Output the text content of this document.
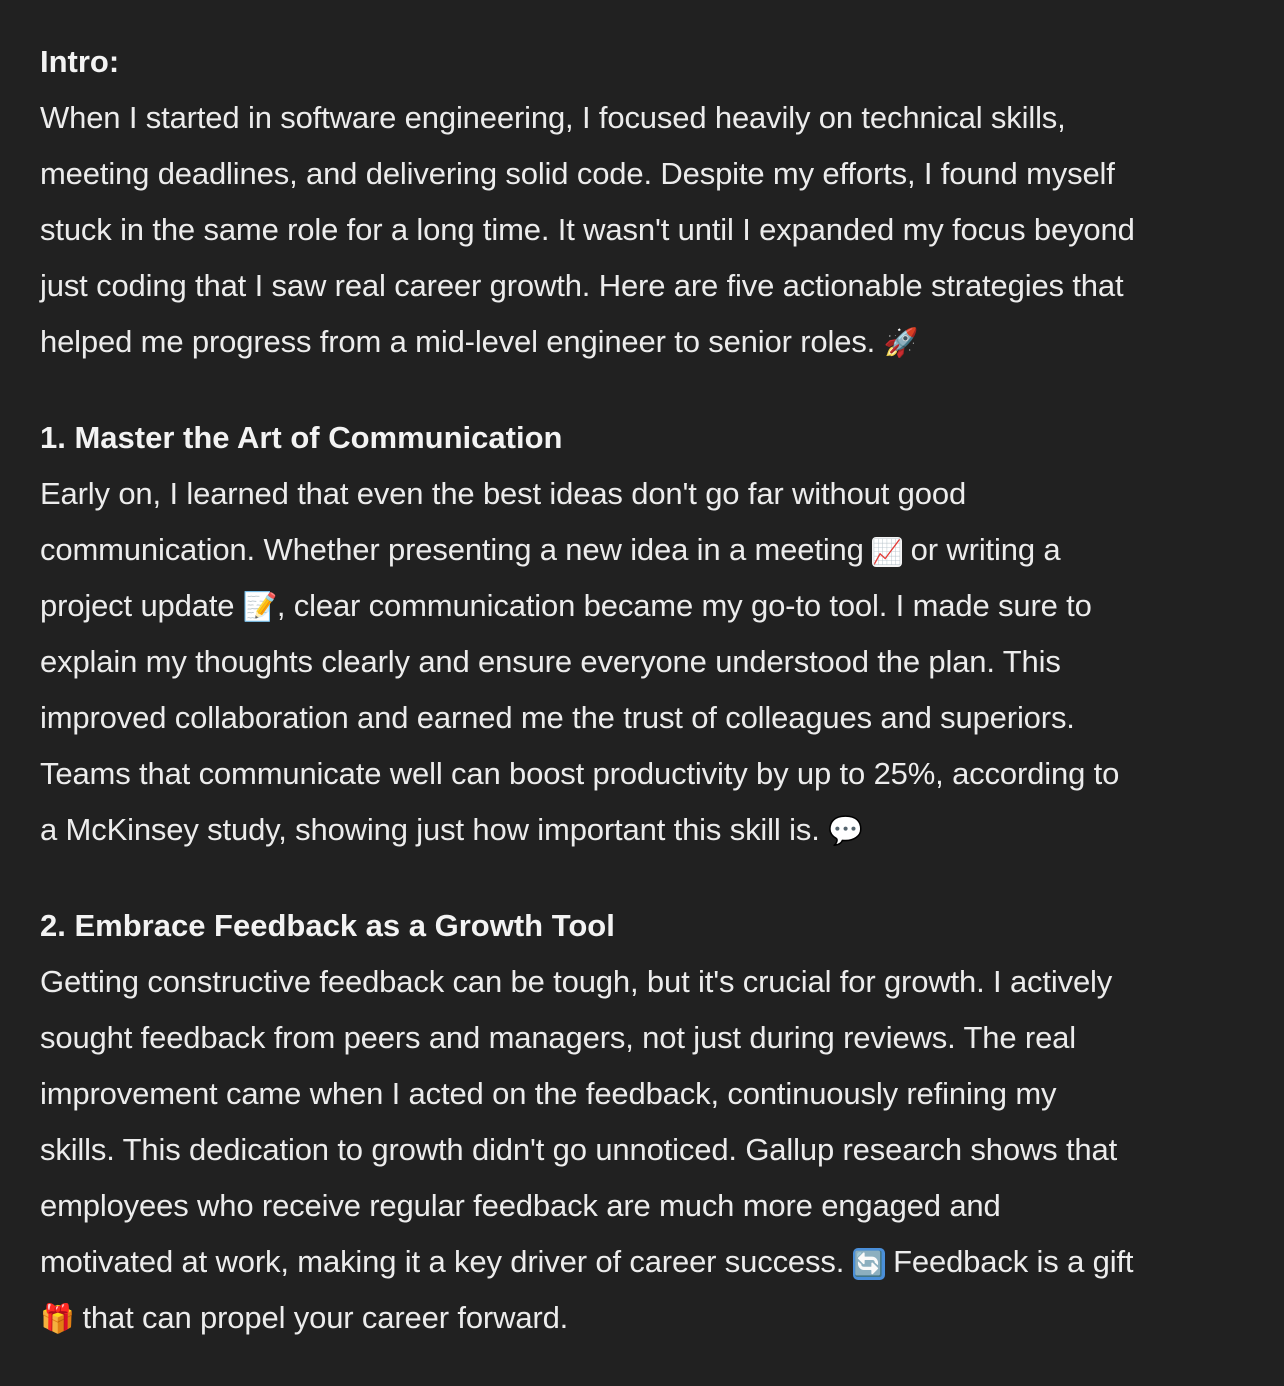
Intro:
When I started in software engineering, I focused heavily on technical skills,
meeting deadlines, and delivering solid code. Despite my efforts, I found myself
stuck in the same role for a long time. It wasn't until I expanded my focus beyond
just coding that I saw real career growth. Here are five actionable strategies that
helped me progress from a mid-level engineer to senior roles. 🚀
1. Master the Art of Communication
Early on, I learned that even the best ideas don't go far without good
communication. Whether presenting a new idea in a meeting 📈 or writing a
project update 📝, clear communication became my go-to tool. I made sure to
explain my thoughts clearly and ensure everyone understood the plan. This
improved collaboration and earned me the trust of colleagues and superiors.
Teams that communicate well can boost productivity by up to 25%, according to
a McKinsey study, showing just how important this skill is. 💬
2. Embrace Feedback as a Growth Tool
Getting constructive feedback can be tough, but it's crucial for growth. I actively
sought feedback from peers and managers, not just during reviews. The real
improvement came when I acted on the feedback, continuously refining my
skills. This dedication to growth didn't go unnoticed. Gallup research shows that
employees who receive regular feedback are much more engaged and
motivated at work, making it a key driver of career success. 🔄 Feedback is a gift
🎁 that can propel your career forward.
